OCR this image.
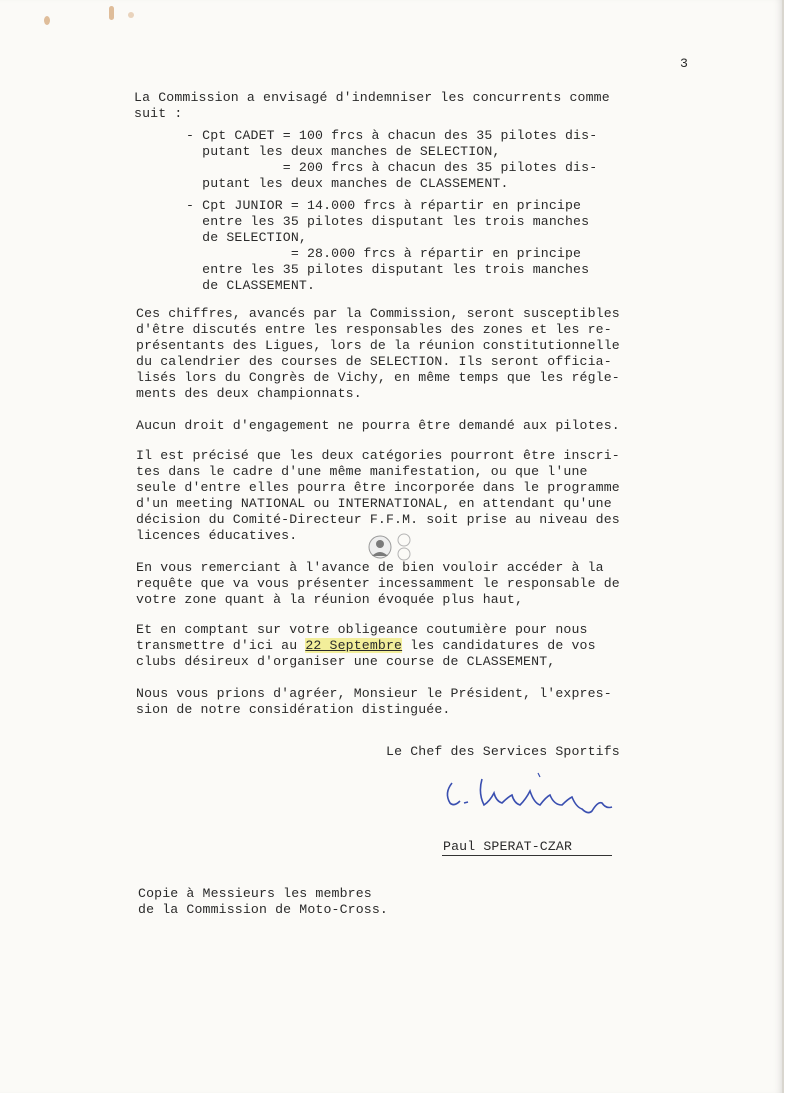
3
La Commission a envisagé d'indemniser les concurrents comme
suit :
- Cpt CADET = 100 frcs à chacun des 35 pilotes dis-
putant les deux manches de SELECTION,
= 200 frcs à chacun des 35 pilotes dis-
putant les deux manches de CLASSEMENT.
- Cpt JUNIOR = 14.000 frcs à répartir en principe
entre les 35 pilotes disputant les trois manches
de SELECTION,
= 28.000 frcs à répartir en principe
entre les 35 pilotes disputant les trois manches
de CLASSEMENT.
Ces chiffres, avancés par la Commission, seront susceptibles
d'être discutés entre les responsables des zones et les re-
présentants des Ligues, lors de la réunion constitutionnelle
du calendrier des courses de SELECTION. Ils seront officia-
lisés lors du Congrès de Vichy, en même temps que les régle-
ments des deux championnats.
Aucun droit d'engagement ne pourra être demandé aux pilotes.
Il est précisé que les deux catégories pourront être inscri-
tes dans le cadre d'une même manifestation, ou que l'une
seule d'entre elles pourra être incorporée dans le programme
d'un meeting NATIONAL ou INTERNATIONAL, en attendant qu'une
décision du Comité-Directeur F.F.M. soit prise au niveau des
licences éducatives.
En vous remerciant à l'avance de bien vouloir accéder à la
requête que va vous présenter incessamment le responsable de
votre zone quant à la réunion évoquée plus haut,
Et en comptant sur votre obligeance coutumière pour nous
transmettre d'ici au 22 Septembre les candidatures de vos
clubs désireux d'organiser une course de CLASSEMENT,
Nous vous prions d'agréer, Monsieur le Président, l'expres-
sion de notre considération distinguée.
Le Chef des Services Sportifs
Paul SPERAT-CZAR
Copie à Messieurs les membres
de la Commission de Moto-Cross.
